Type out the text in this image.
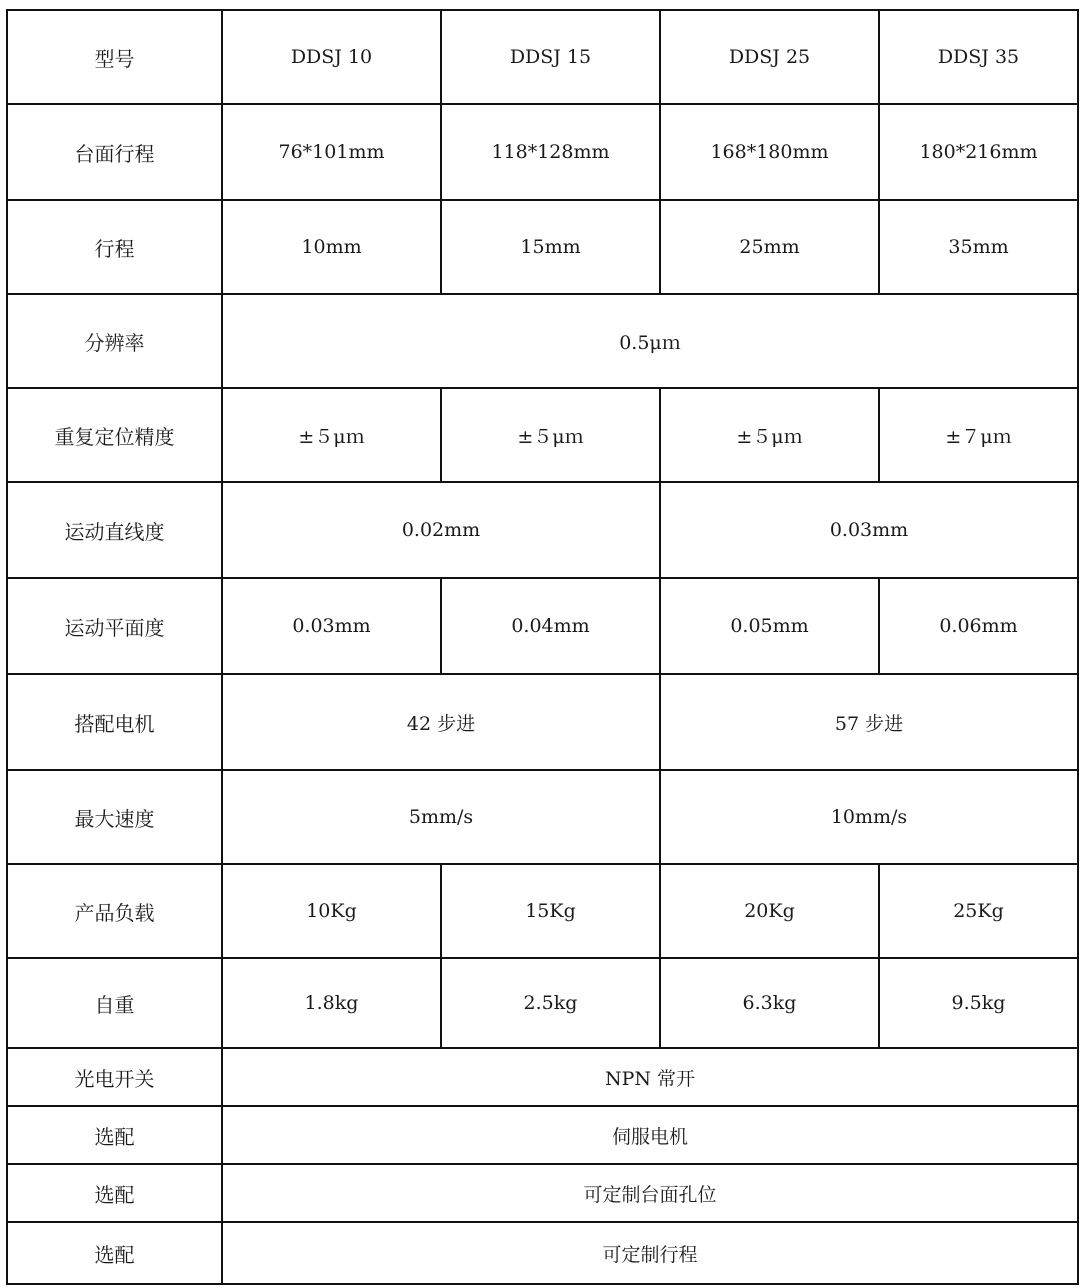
型号	DDSJ 10	DDSJ 15	DDSJ 25	DDSJ 35
台面行程	76*101mm	118*128mm	168*180mm	180*216mm
行程	10mm	15mm	25mm	35mm
分辨率	0.5μｍ			
重复定位精度	±５μｍ	±５μｍ	±５μｍ	±７μｍ
运动直线度	0.02mm		0.03mm	
运动平面度	0.03mm	0.04mm	0.05mm	0.06mm
搭配电机	42 步进		57 步进	
最大速度	5mm/s		10mm/s	
产品负载	10Kg	15Kg	20Kg	25Kg
自重	1.8kg	2.5kg	6.3kg	9.5kg
光电开关	NPN 常开			
选配	伺服电机			
选配	可定制台面孔位			
选配	可定制行程			
